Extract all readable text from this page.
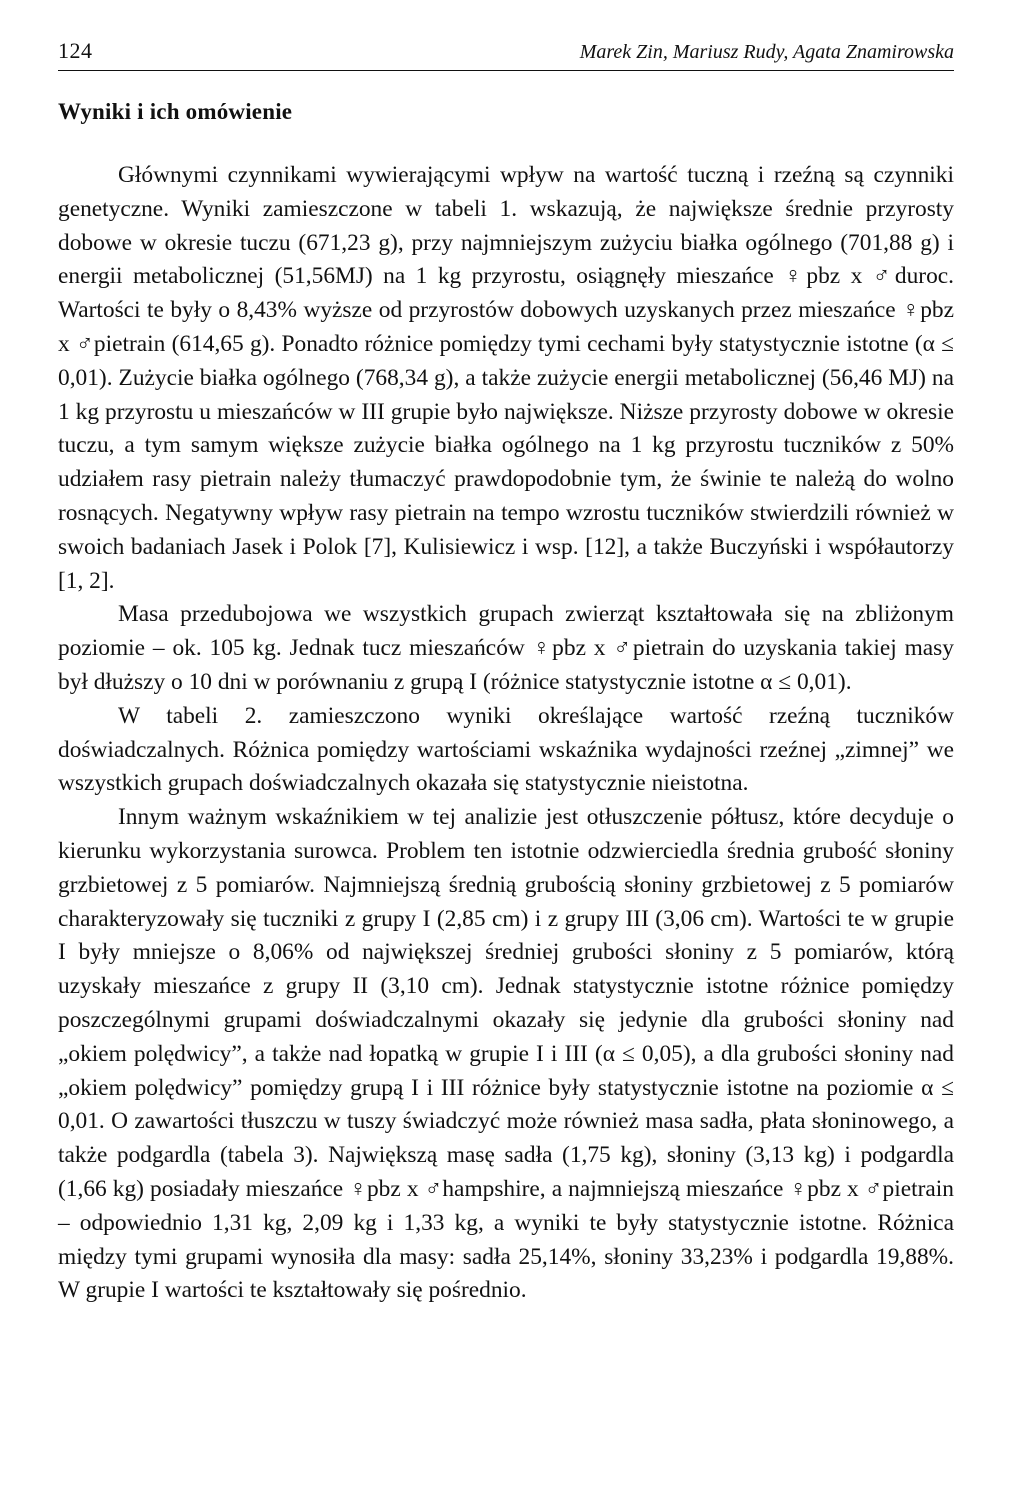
124	Marek Zin, Mariusz Rudy, Agata Znamirowska
Wyniki i ich omówienie

Głównymi czynnikami wywierającymi wpływ na wartość tuczną i rzeźną są czynniki genetyczne. Wyniki zamieszczone w tabeli 1. wskazują, że największe średnie przyrosty dobowe w okresie tuczu (671,23 g), przy najmniejszym zużyciu białka ogólnego (701,88 g) i energii metabolicznej (51,56MJ) na 1 kg przyrostu, osiągnęły mieszańce ♀pbz x ♂duroc. Wartości te były o 8,43% wyższe od przyrostów dobowych uzyskanych przez mieszańce ♀pbz x ♂pietrain (614,65 g). Ponadto różnice pomiędzy tymi cechami były statystycznie istotne (α ≤ 0,01). Zużycie białka ogólnego (768,34 g), a także zużycie energii metabolicznej (56,46 MJ) na 1 kg przyrostu u mieszańców w III grupie było największe. Niższe przyrosty dobowe w okresie tuczu, a tym samym większe zużycie białka ogólnego na 1 kg przyrostu tuczników z 50% udziałem rasy pietrain należy tłumaczyć prawdopodobnie tym, że świnie te należą do wolno rosnących. Negatywny wpływ rasy pietrain na tempo wzrostu tuczników stwierdzili również w swoich badaniach Jasek i Polok [7], Kulisiewicz i wsp. [12], a także Buczyński i współautorzy [1, 2].

Masa przedubojowa we wszystkich grupach zwierząt kształtowała się na zbliżonym poziomie – ok. 105 kg. Jednak tucz mieszańców ♀pbz x ♂pietrain do uzyskania takiej masy był dłuższy o 10 dni w porównaniu z grupą I (różnice statystycznie istotne α ≤ 0,01).

W tabeli 2. zamieszczono wyniki określające wartość rzeźną tuczników doświadczalnych. Różnica pomiędzy wartościami wskaźnika wydajności rzeźnej „zimnej” we wszystkich grupach doświadczalnych okazała się statystycznie nieistotna.

Innym ważnym wskaźnikiem w tej analizie jest otłuszczenie półtusz, które decyduje o kierunku wykorzystania surowca. Problem ten istotnie odzwierciedla średnia grubość słoniny grzbietowej z 5 pomiarów. Najmniejszą średnią grubością słoniny grzbietowej z 5 pomiarów charakteryzowały się tuczniki z grupy I (2,85 cm) i z grupy III (3,06 cm). Wartości te w grupie I były mniejsze o 8,06% od największej średniej grubości słoniny z 5 pomiarów, którą uzyskały mieszańce z grupy II (3,10 cm). Jednak statystycznie istotne różnice pomiędzy poszczególnymi grupami doświadczalnymi okazały się jedynie dla grubości słoniny nad „okiem polędwicy”, a także nad łopatką w grupie I i III (α ≤ 0,05), a dla grubości słoniny nad „okiem polędwicy” pomiędzy grupą I i III różnice były statystycznie istotne na poziomie α ≤ 0,01. O zawartości tłuszczu w tuszy świadczyć może również masa sadła, płata słoninowego, a także podgardla (tabela 3). Największą masę sadła (1,75 kg), słoniny (3,13 kg) i podgardla (1,66 kg) posiadały mieszańce ♀pbz x ♂hampshire, a najmniejszą mieszańce ♀pbz x ♂pietrain – odpowiednio 1,31 kg, 2,09 kg i 1,33 kg, a wyniki te były statystycznie istotne. Różnica między tymi grupami wynosiła dla masy: sadła 25,14%, słoniny 33,23% i podgardla 19,88%. W grupie I wartości te kształtowały się pośrednio.
